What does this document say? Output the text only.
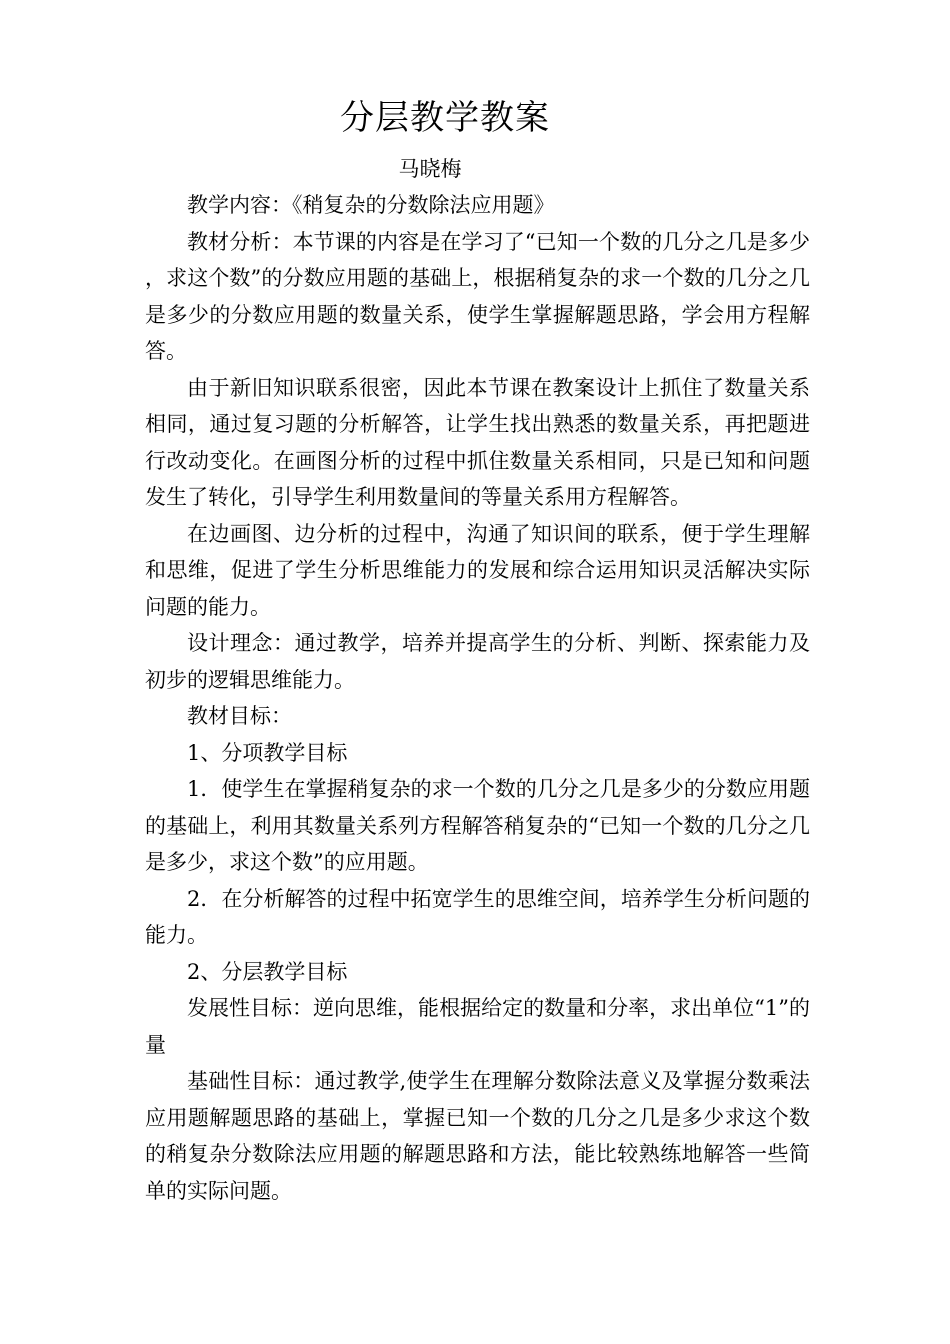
分层教学教案
马晓梅

教学内容：《稍复杂的分数除法应用题》

教材分析：本节课的内容是在学习了“已知一个数的几分之几是多少，求这个数”的分数应用题的基础上，根据稍复杂的求一个数的几分之几是多少的分数应用题的数量关系，使学生掌握解题思路，学会用方程解答。

由于新旧知识联系很密，因此本节课在教案设计上抓住了数量关系相同，通过复习题的分析解答，让学生找出熟悉的数量关系，再把题进行改动变化。在画图分析的过程中抓住数量关系相同，只是已知和问题发生了转化，引导学生利用数量间的等量关系用方程解答。

在边画图、边分析的过程中，沟通了知识间的联系，便于学生理解和思维，促进了学生分析思维能力的发展和综合运用知识灵活解决实际问题的能力。

设计理念：通过教学，培养并提高学生的分析、判断、探索能力及初步的逻辑思维能力。

教材目标：

1、分项教学目标

1．使学生在掌握稍复杂的求一个数的几分之几是多少的分数应用题的基础上，利用其数量关系列方程解答稍复杂的“已知一个数的几分之几是多少，求这个数”的应用题。

2．在分析解答的过程中拓宽学生的思维空间，培养学生分析问题的能力。

2、分层教学目标

发展性目标：逆向思维，能根据给定的数量和分率，求出单位“1”的量

基础性目标：通过教学,使学生在理解分数除法意义及掌握分数乘法应用题解题思路的基础上，掌握已知一个数的几分之几是多少求这个数的稍复杂分数除法应用题的解题思路和方法，能比较熟练地解答一些简单的实际问题。
